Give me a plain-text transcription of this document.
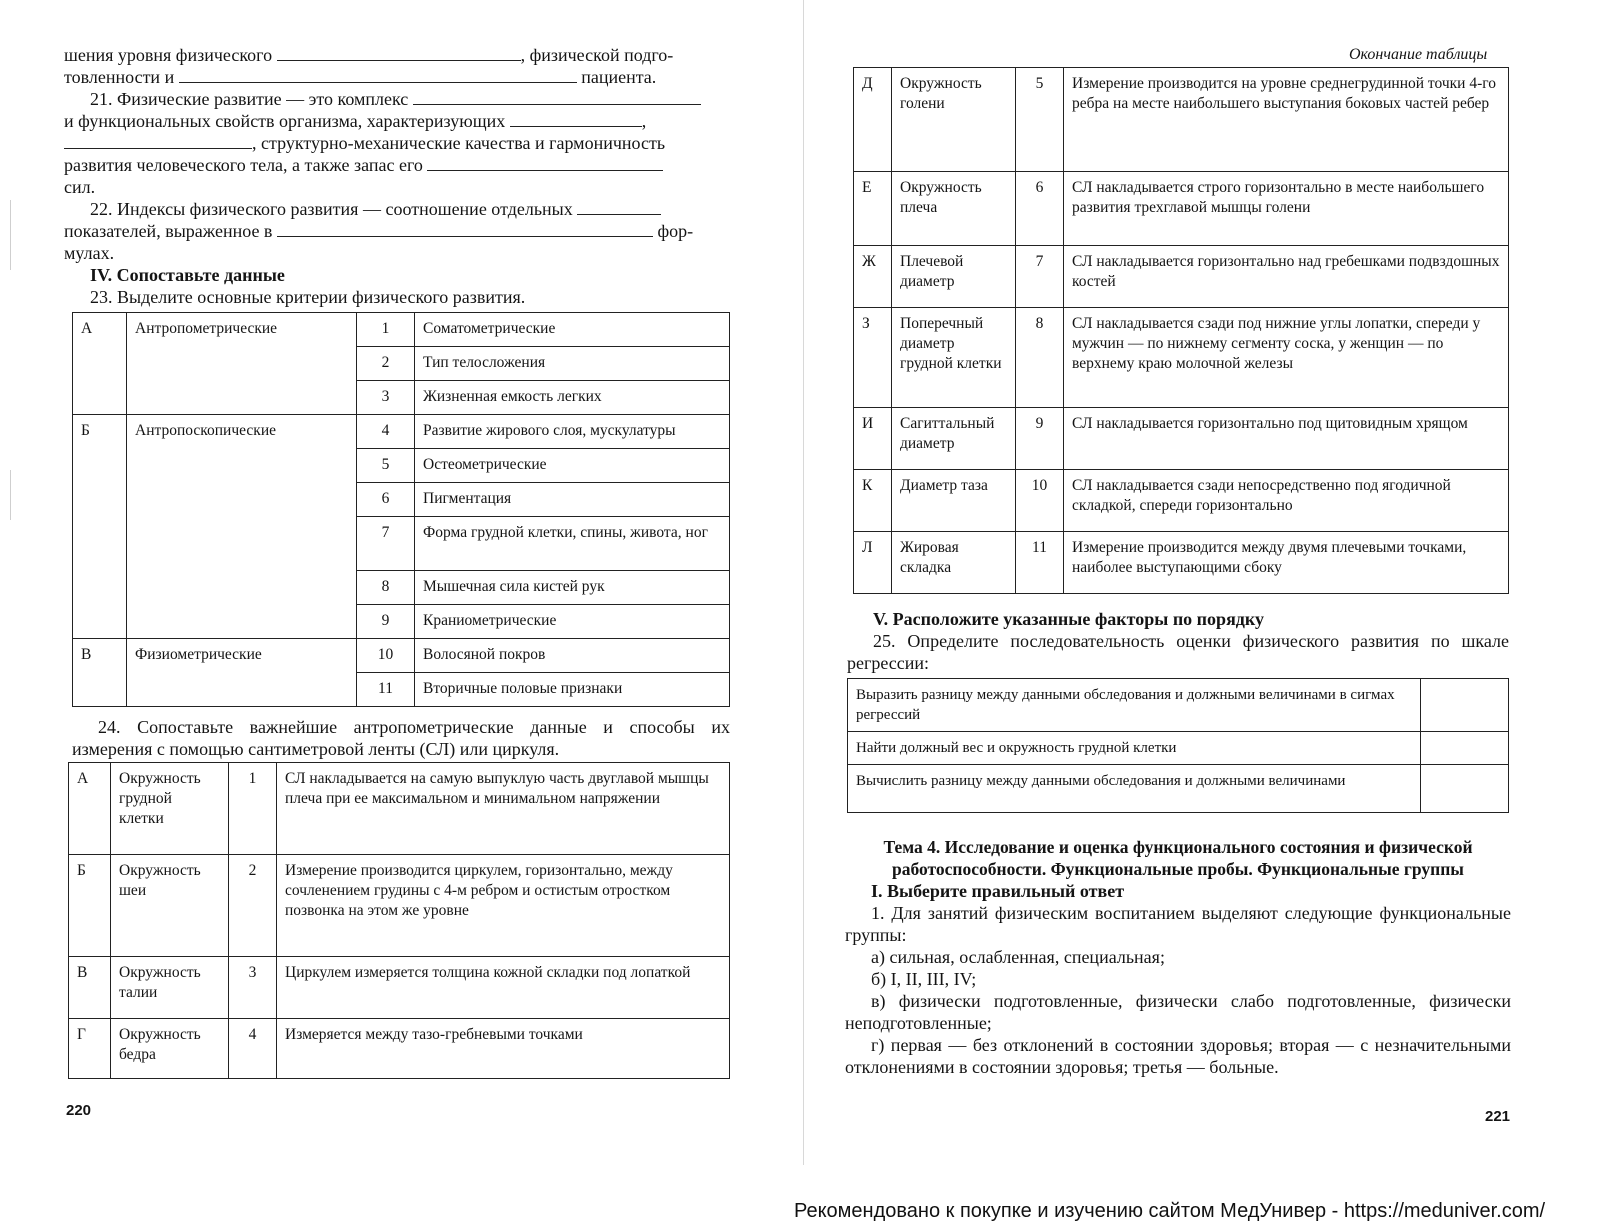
шения уровня физического	, физической подго-

товленности и	пациента.

21. Физические развитие — это комплекс

и функциональных свойств организма, характеризующих	,

, структурно-механические качества и гармоничность

развития человеческого тела, а также запас его

сил.

22. Индексы физического развития — соотношение отдельных

показателей, выраженное в	фор-

мулах.

IV. Сопоставьте данные

23. Выделите основные критерии физического развития.

А	Антропометрические	1	Соматометрические
		2	Тип телосложения
		3	Жизненная емкость легких
Б	Антропоскопические	4	Развитие жирового слоя, мускулатуры
		5	Остеометрические
		6	Пигментация
		7	Форма грудной клетки, спины, живота, ног
		8	Мышечная сила кистей рук
		9	Краниометрические
В	Физиометрические	10	Волосяной покров
		11	Вторичные половые признаки
24. Сопоставьте важнейшие антропометрические данные и способы их измерения с помощью сантиметровой ленты (СЛ) или циркуля.
А	Окружность грудной клетки	1	СЛ накладывается на самую выпуклую часть двуглавой мышцы плеча при ее максимальном и минимальном напряжении
Б	Окружность шеи	2	Измерение производится циркулем, горизонтально, между сочленением грудины с 4-м ребром и остистым отростком позвонка на этом же уровне
В	Окружность талии	3	Циркулем измеряется толщина кожной складки под лопаткой
Г	Окружность бедра	4	Измеряется между тазо-гребневыми точками
220
Окончание таблицы
Д	Окружность голени	5	Измерение производится на уровне среднегрудинной точки 4-го ребра на месте наибольшего выступания боковых частей ребер
Е	Окружность плеча	6	СЛ накладывается строго горизонтально в месте наибольшего развития трехглавой мышцы голени
Ж	Плечевой диаметр	7	СЛ накладывается горизонтально над гребешками подвздошных костей
З	Поперечный диаметр грудной клетки	8	СЛ накладывается сзади под нижние углы лопатки, спереди у мужчин — по нижнему сегменту соска, у женщин — по верхнему краю молочной железы
И	Сагиттальный диаметр	9	СЛ накладывается горизонтально под щитовидным хрящом
К	Диаметр таза	10	СЛ накладывается сзади непосредственно под ягодичной складкой, спереди горизонтально
Л	Жировая складка	11	Измерение производится между двумя плечевыми точками, наиболее выступающими сбоку

V. Расположите указанные факторы по порядку

25. Определите последовательность оценки физического развития по шкале регрессии:

Выразить разницу между данными обследования и должными величинами в сигмах регрессий	
Найти должный вес и окружность грудной клетки	
Вычислить разницу между данными обследования и должными величинами	

Тема 4. Исследование и оценка функционального состояния и физической

работоспособности. Функциональные пробы. Функциональные группы

I. Выберите правильный ответ

1. Для занятий физическим воспитанием выделяют следующие функциональные группы:

а) сильная, ослабленная, специальная;

б) I, II, III, IV;

в) физически подготовленные, физически слабо подготовленные, физически неподготовленные;

г) первая — без отклонений в состоянии здоровья; вторая — с незначительными отклонениями в состоянии здоровья; третья — больные.

221
Рекомендовано к покупке и изучению сайтом МедУнивер - https://meduniver.com/
